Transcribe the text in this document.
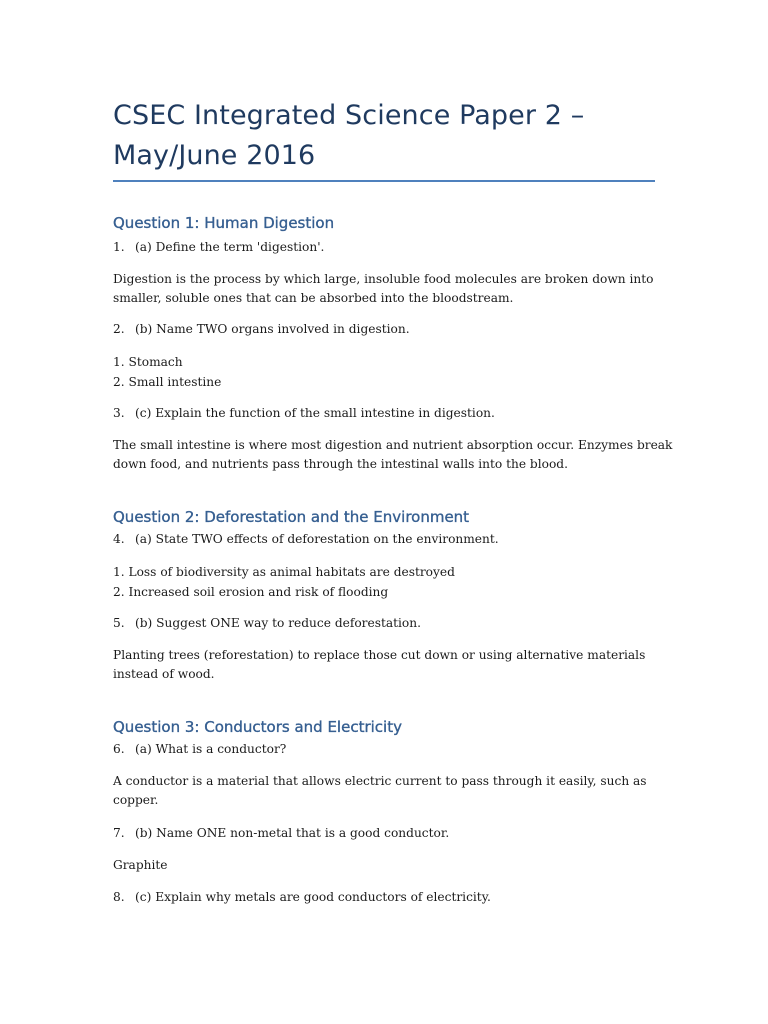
CSEC Integrated Science Paper 2 –
May/June 2016
Question 1: Human Digestion
1. (a) Define the term 'digestion'.
Digestion is the process by which large, insoluble food molecules are broken down into
smaller, soluble ones that can be absorbed into the bloodstream.
2. (b) Name TWO organs involved in digestion.
1. Stomach
2. Small intestine
3. (c) Explain the function of the small intestine in digestion.
The small intestine is where most digestion and nutrient absorption occur. Enzymes break
down food, and nutrients pass through the intestinal walls into the blood.
Question 2: Deforestation and the Environment
4. (a) State TWO effects of deforestation on the environment.
1. Loss of biodiversity as animal habitats are destroyed
2. Increased soil erosion and risk of flooding
5. (b) Suggest ONE way to reduce deforestation.
Planting trees (reforestation) to replace those cut down or using alternative materials
instead of wood.
Question 3: Conductors and Electricity
6. (a) What is a conductor?
A conductor is a material that allows electric current to pass through it easily, such as
copper.
7. (b) Name ONE non-metal that is a good conductor.
Graphite
8. (c) Explain why metals are good conductors of electricity.
